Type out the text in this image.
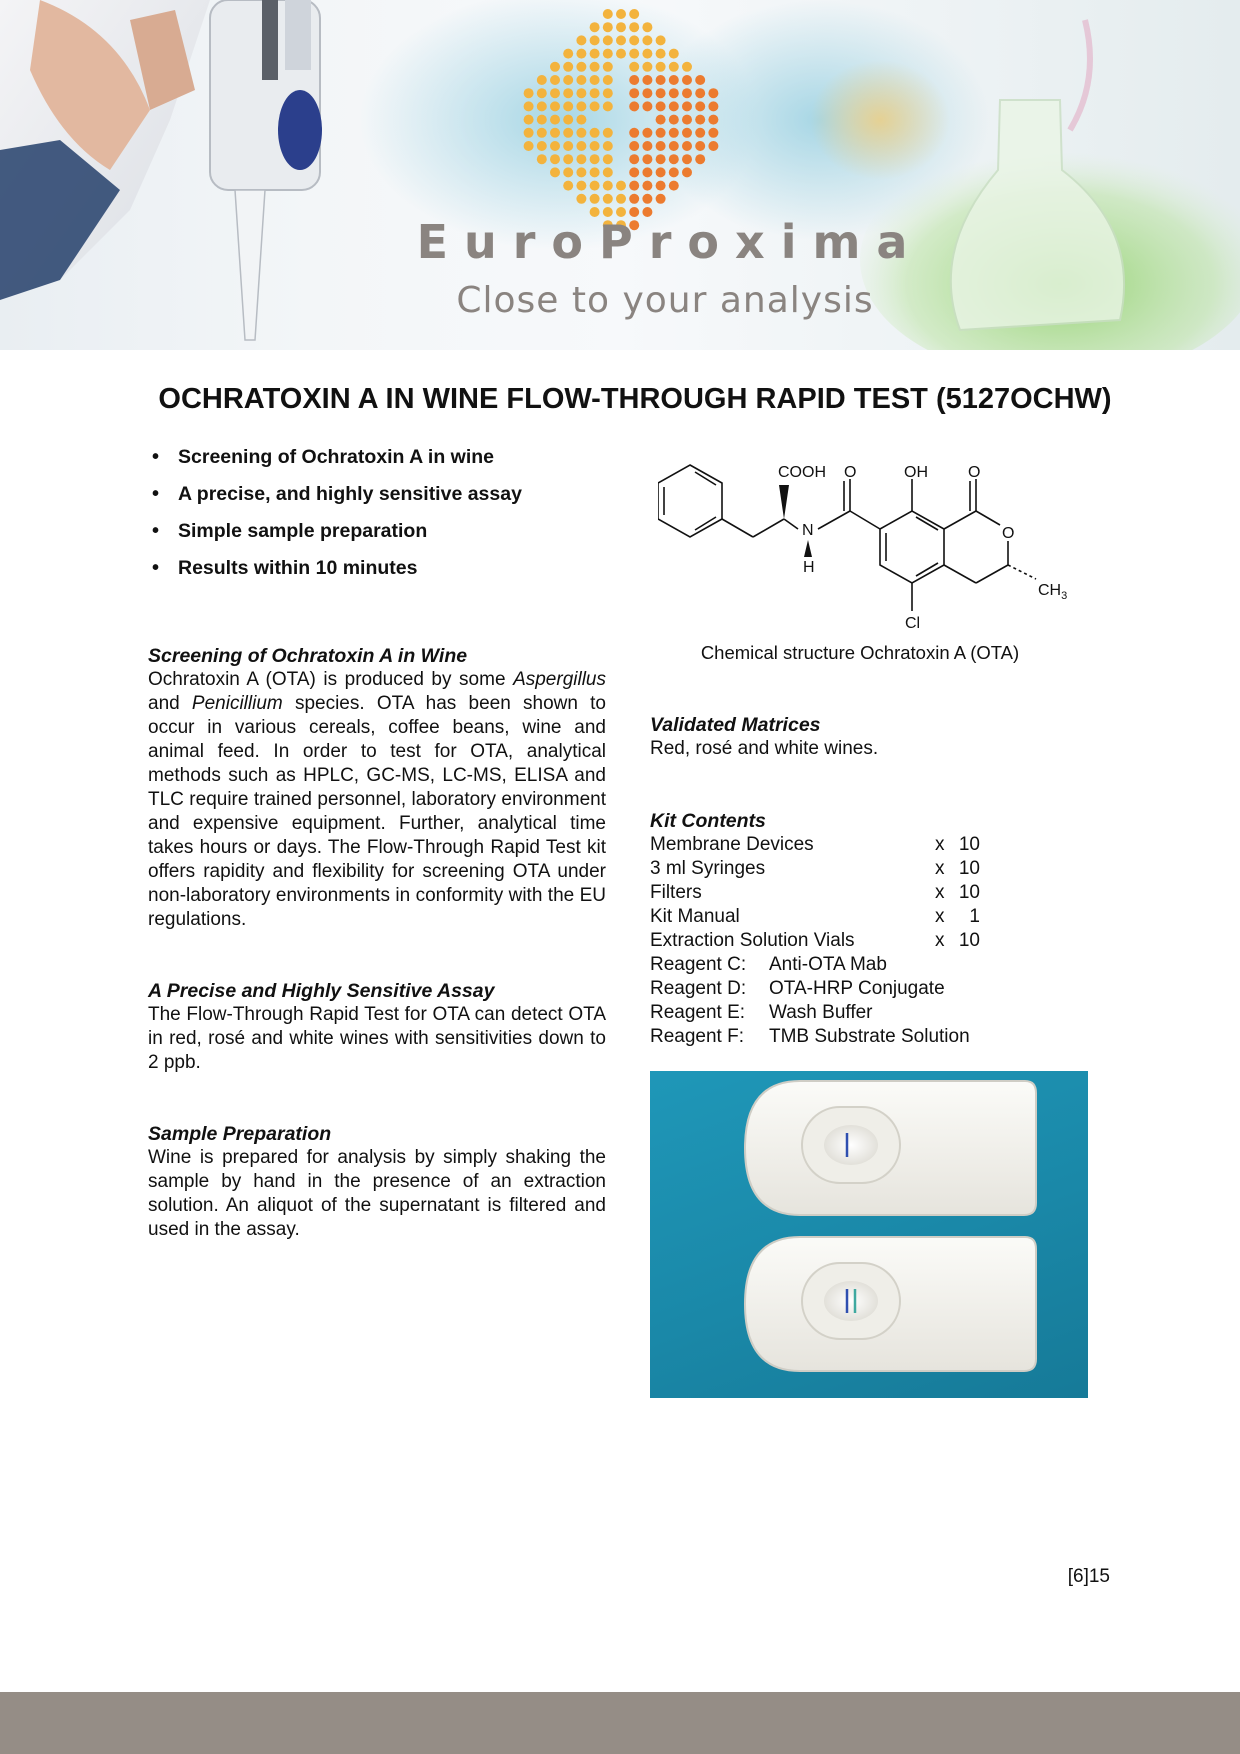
EuroProxima
Close to your analysis
OCHRATOXIN A IN WINE FLOW-THROUGH RAPID TEST (5127OCHW)
• Screening of Ochratoxin A in wine
• A precise, and highly sensitive assay
• Simple sample preparation
• Results within 10 minutes
Screening of Ochratoxin A in Wine

Ochratoxin A (OTA) is produced by some Aspergillus and Penicillium species. OTA has been shown to occur in various cereals, coffee beans, wine and animal feed. In order to test for OTA, analytical methods such as HPLC, GC-MS, LC-MS, ELISA and TLC require trained personnel, laboratory environment and expensive equipment. Further, analytical time takes hours or days. The Flow-Through Rapid Test kit offers rapidity and flexibility for screening OTA under non-laboratory environments in conformity with the EU regulations.

A Precise and Highly Sensitive Assay

The Flow-Through Rapid Test for OTA can detect OTA in red, rosé and white wines with sensitivities down to 2 ppb.

Sample Preparation

Wine is prepared for analysis by simply shaking the sample by hand in the presence of an extraction solution. An aliquot of the supernatant is filtered and used in the assay.

COOH O	OH	O
O
N
H
$CH_3$
Cl

Chemical structure Ochratoxin A (OTA)

Validated Matrices

Red, rosé and white wines.

Kit Contents
Membrane Devices	x 10
3 ml Syringes	x 10
Filters	x 10
Kit Manual	x	1
Extraction Solution Vials	x 10
Reagent C: Anti-OTA Mab
Reagent D: OTA-HRP Conjugate
Reagent E: Wash Buffer
Reagent F: TMB Substrate Solution
[6]15
